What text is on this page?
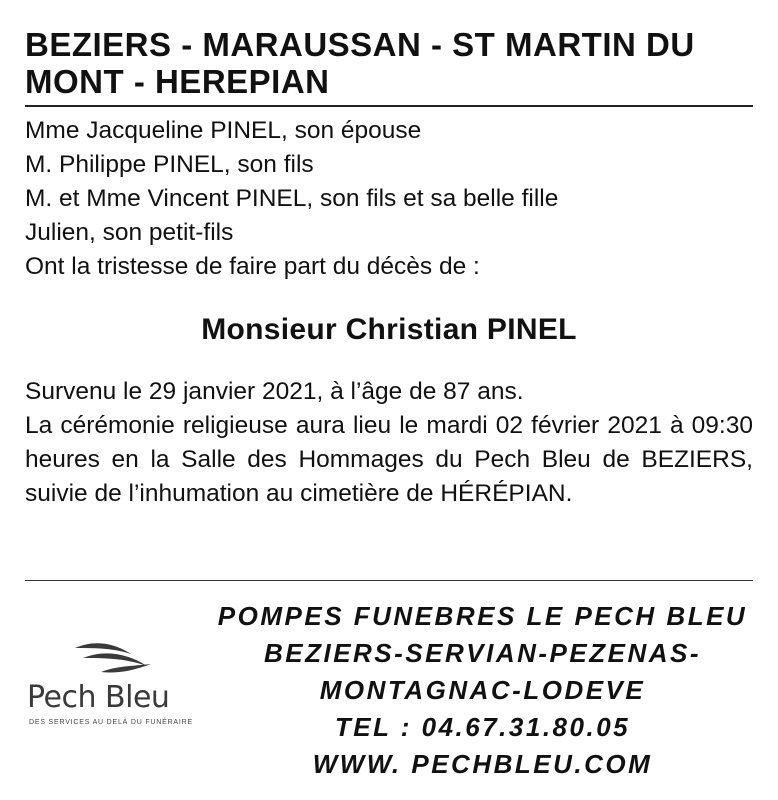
BEZIERS - MARAUSSAN - ST MARTIN DU
MONT - HEREPIAN
Mme Jacqueline PINEL, son épouse
M. Philippe PINEL, son fils
M. et Mme Vincent PINEL, son fils et sa belle fille
Julien, son petit-fils
Ont la tristesse de faire part du décès de :
Monsieur Christian PINEL

Survenu le 29 janvier 2021, à l’âge de 87 ans.

La cérémonie religieuse aura lieu le mardi 02 février 2021 à 09:30 heures en la Salle des Hommages du Pech Bleu de BEZIERS, suivie de l’inhumation au cimetière de HÉRÉPIAN.

Pech Bleu
DES SERVICES AU DELÀ DU FUNÉRAIRE
POMPES FUNEBRES LE PECH BLEU
BEZIERS-SERVIAN-PEZENAS-
MONTAGNAC-LODEVE
TEL : 04.67.31.80.05
WWW. PECHBLEU.COM
